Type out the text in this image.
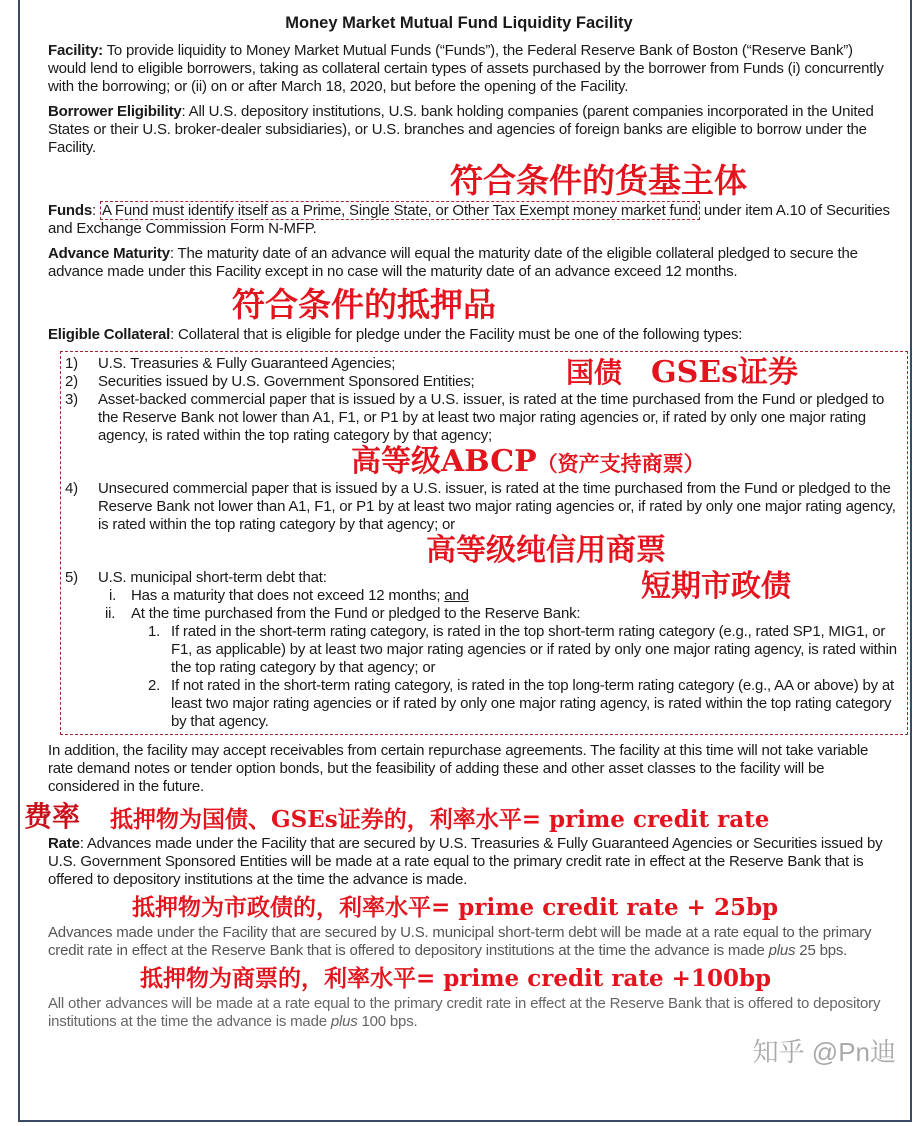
Money Market Mutual Fund Liquidity Facility
Facility: To provide liquidity to Money Market Mutual Funds (“Funds”), the Federal Reserve Bank of Boston (“Reserve Bank”) would lend to eligible borrowers, taking as collateral certain types of assets purchased by the borrower from Funds (i) concurrently with the borrowing; or (ii) on or after March 18, 2020, but before the opening of the Facility.
Borrower Eligibility: All U.S. depository institutions, U.S. bank holding companies (parent companies incorporated in the United States or their U.S. broker-dealer subsidiaries), or U.S. branches and agencies of foreign banks are eligible to borrow under the Facility.
符合条件的货基主体
Funds: A Fund must identify itself as a Prime, Single State, or Other Tax Exempt money market fund under item A.10 of Securities and Exchange Commission Form N-MFP.
Advance Maturity: The maturity date of an advance will equal the maturity date of the eligible collateral pledged to secure the advance made under this Facility except in no case will the maturity date of an advance exceed 12 months.
符合条件的抵押品
Eligible Collateral: Collateral that is eligible for pledge under the Facility must be one of the following types:
1) U.S. Treasuries & Fully Guaranteed Agencies;
2) Securities issued by U.S. Government Sponsored Entities;	国债 GSEs证券
3) Asset-backed commercial paper that is issued by a U.S. issuer, is rated at the time purchased from the Fund or pledged to the Reserve Bank not lower than A1, F1, or P1 by at least two major rating agencies or, if rated by only one major rating agency, is rated within the top rating category by that agency;
高等级ABCP（资产支持商票）
4) Unsecured commercial paper that is issued by a U.S. issuer, is rated at the time purchased from the Fund or pledged to the Reserve Bank not lower than A1, F1, or P1 by at least two major rating agencies or, if rated by only one major rating agency, is rated within the top rating category by that agency; or
高等级纯信用商票
5) U.S. municipal short-term debt that:
i. Has a maturity that does not exceed 12 months; and	短期市政债
ii. At the time purchased from the Fund or pledged to the Reserve Bank:
1. If rated in the short-term rating category, is rated in the top short-term rating category (e.g., rated SP1, MIG1, or F1, as applicable) by at least two major rating agencies or if rated by only one major rating agency, is rated within the top rating category by that agency; or
2. If not rated in the short-term rating category, is rated in the top long-term rating category (e.g., AA or above) by at least two major rating agencies or if rated by only one major rating agency, is rated within the top rating category by that agency.
In addition, the facility may accept receivables from certain repurchase agreements. The facility at this time will not take variable rate demand notes or tender option bonds, but the feasibility of adding these and other asset classes to the facility will be considered in the future.
费率 抵押物为国债、GSEs证券的，利率水平= prime credit rate
Rate: Advances made under the Facility that are secured by U.S. Treasuries & Fully Guaranteed Agencies or Securities issued by U.S. Government Sponsored Entities will be made at a rate equal to the primary credit rate in effect at the Reserve Bank that is offered to depository institutions at the time the advance is made.
抵押物为市政债的，利率水平= prime credit rate + 25bp
Advances made under the Facility that are secured by U.S. municipal short-term debt will be made at a rate equal to the primary credit rate in effect at the Reserve Bank that is offered to depository institutions at the time the advance is made plus 25 bps.
抵押物为商票的，利率水平= prime credit rate +100bp
All other advances will be made at a rate equal to the primary credit rate in effect at the Reserve Bank that is offered to depository institutions at the time the advance is made plus 100 bps.
知乎 @Pn迪
